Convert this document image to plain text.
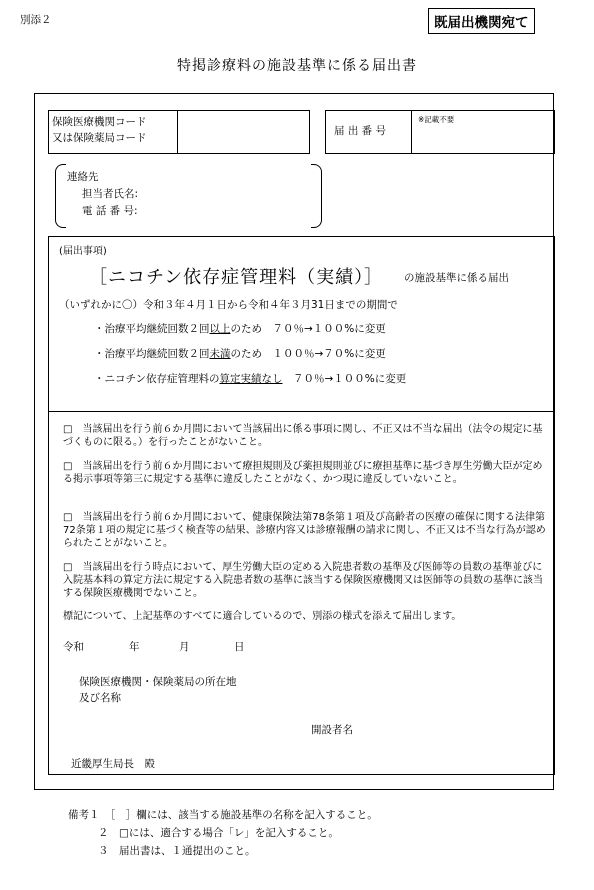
別添２	既届出機関宛て
特掲診療料の施設基準に係る届出書
保険医療機関コード
又は保険薬局コード
届 出 番 号
※記載不要
連絡先
担当者氏名:
電 話 番 号:
(届出事項)
［ニコチン依存症管理料（実績）］ の施設基準に係る届出
（いずれかに〇）令和３年４月１日から令和４年３月31日までの期間で
・治療平均継続回数２回以上のため　７０％→１００%に変更
・治療平均継続回数２回未満のため　１００％→７０%に変更
・ニコチン依存症管理料の算定実績なし　７０％→１００%に変更
□　当該届出を行う前６か月間において当該届出に係る事項に関し、不正又は不当な届出（法令の規定に基づくものに限る。）を行ったことがないこと。
□　当該届出を行う前６か月間において療担規則及び薬担規則並びに療担基準に基づき厚生労働大臣が定める掲示事項等第三に規定する基準に違反したことがなく、かつ現に違反していないこと。
□　当該届出を行う前６か月間において、健康保険法第78条第１項及び高齢者の医療の確保に関する法律第72条第１項の規定に基づく検査等の結果、診療内容又は診療報酬の請求に関し、不正又は不当な行為が認められたことがないこと。
□　当該届出を行う時点において、厚生労働大臣の定める入院患者数の基準及び医師等の員数の基準並びに入院基本料の算定方法に規定する入院患者数の基準に該当する保険医療機関又は医師等の員数の基準に該当する保険医療機関でないこと。
標記について、上記基準のすべてに適合しているので、別添の様式を添えて届出します。
令和	年	月	日
保険医療機関・保険薬局の所在地
及び名称
開設者名
近畿厚生局長　殿
備考１　［　］欄には、該当する施設基準の名称を記入すること。
２　□には、適合する場合「レ」を記入すること。
３　届出書は、１通提出のこと。
